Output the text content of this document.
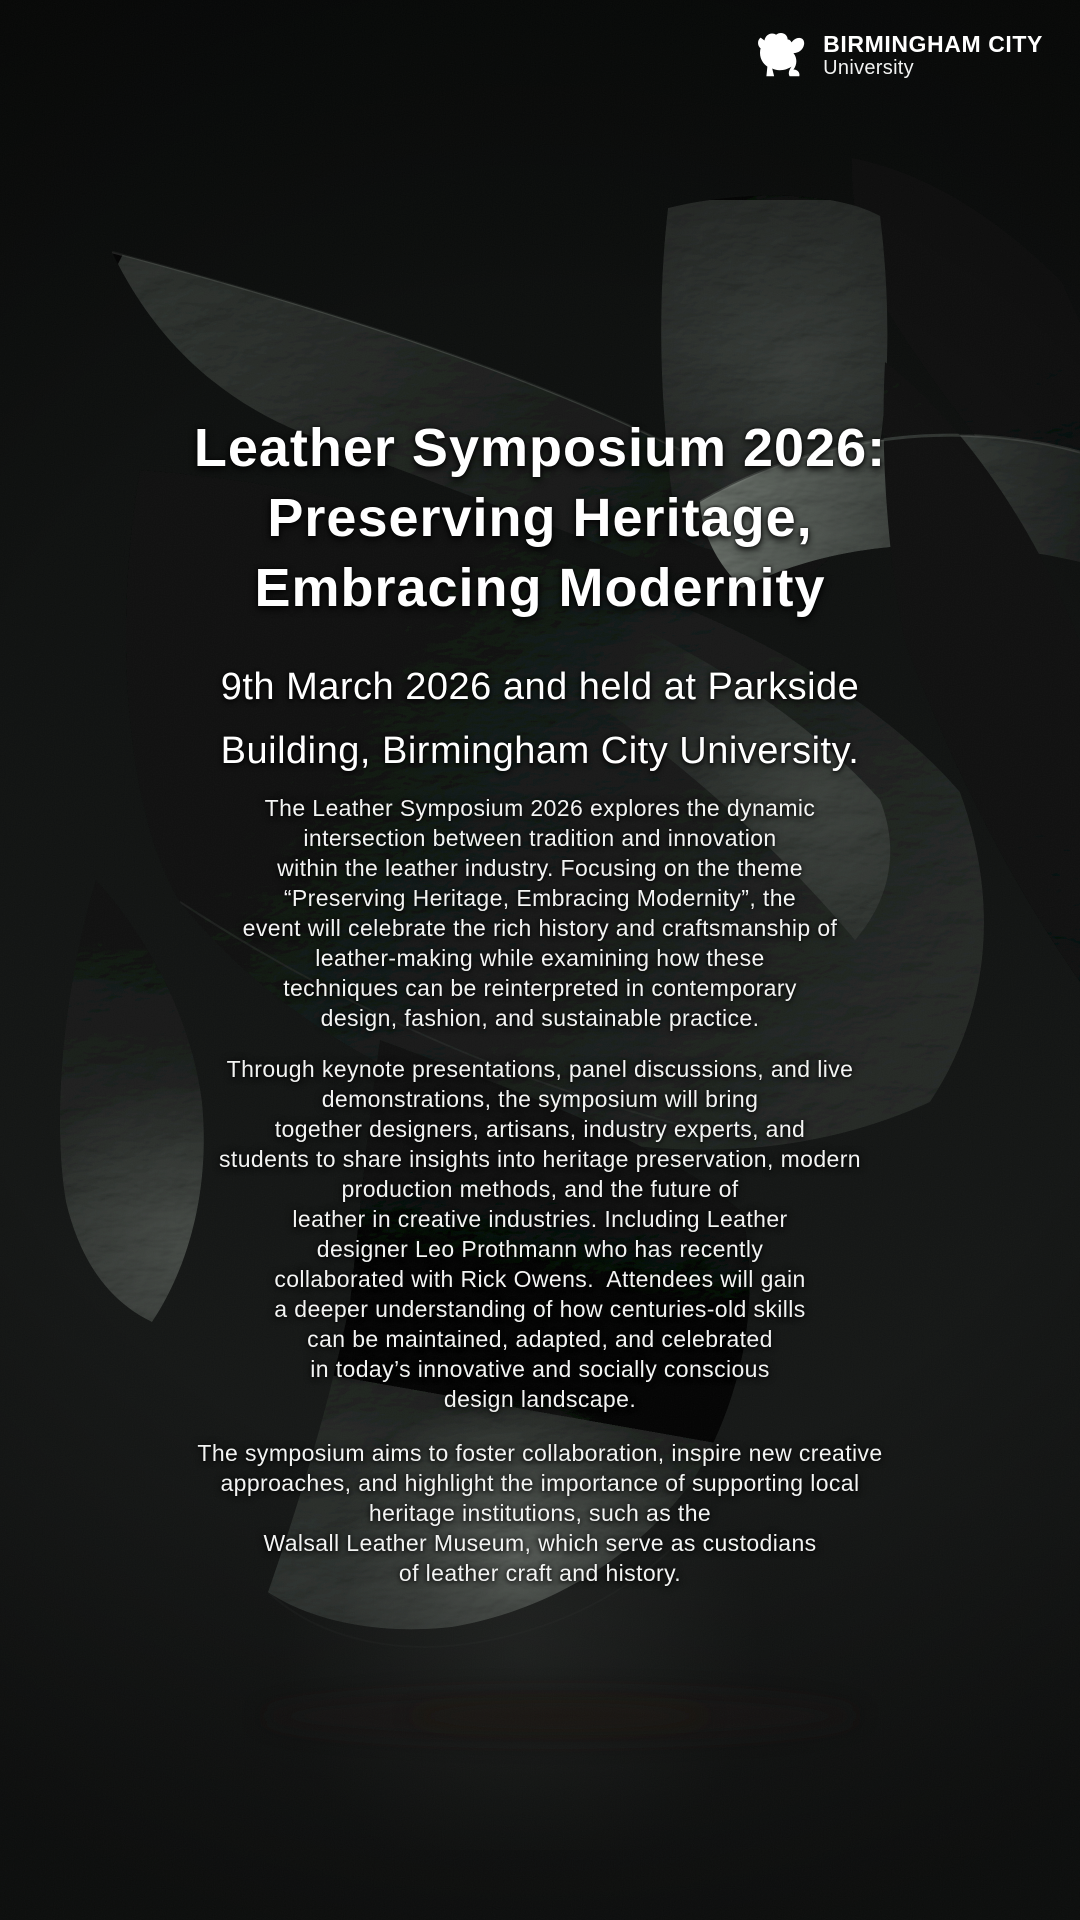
BIRMINGHAM CITY
University
Leather Symposium 2026:
Preserving Heritage,
Embracing Modernity
9th March 2026 and held at Parkside
Building, Birmingham City University.

The Leather Symposium 2026 explores the dynamic
intersection between tradition and innovation
within the leather industry. Focusing on the theme
“Preserving Heritage, Embracing Modernity”, the
event will celebrate the rich history and craftsmanship of
leather-making while examining how these
techniques can be reinterpreted in contemporary
design, fashion, and sustainable practice.

Through keynote presentations, panel discussions, and live
demonstrations, the symposium will bring
together designers, artisans, industry experts, and
students to share insights into heritage preservation, modern
production methods, and the future of
leather in creative industries. Including Leather
designer Leo Prothmann who has recently
collaborated with Rick Owens.  Attendees will gain
a deeper understanding of how centuries-old skills
can be maintained, adapted, and celebrated
in today’s innovative and socially conscious
design landscape.

The symposium aims to foster collaboration, inspire new creative
approaches, and highlight the importance of supporting local
heritage institutions, such as the
Walsall Leather Museum, which serve as custodians
of leather craft and history.
